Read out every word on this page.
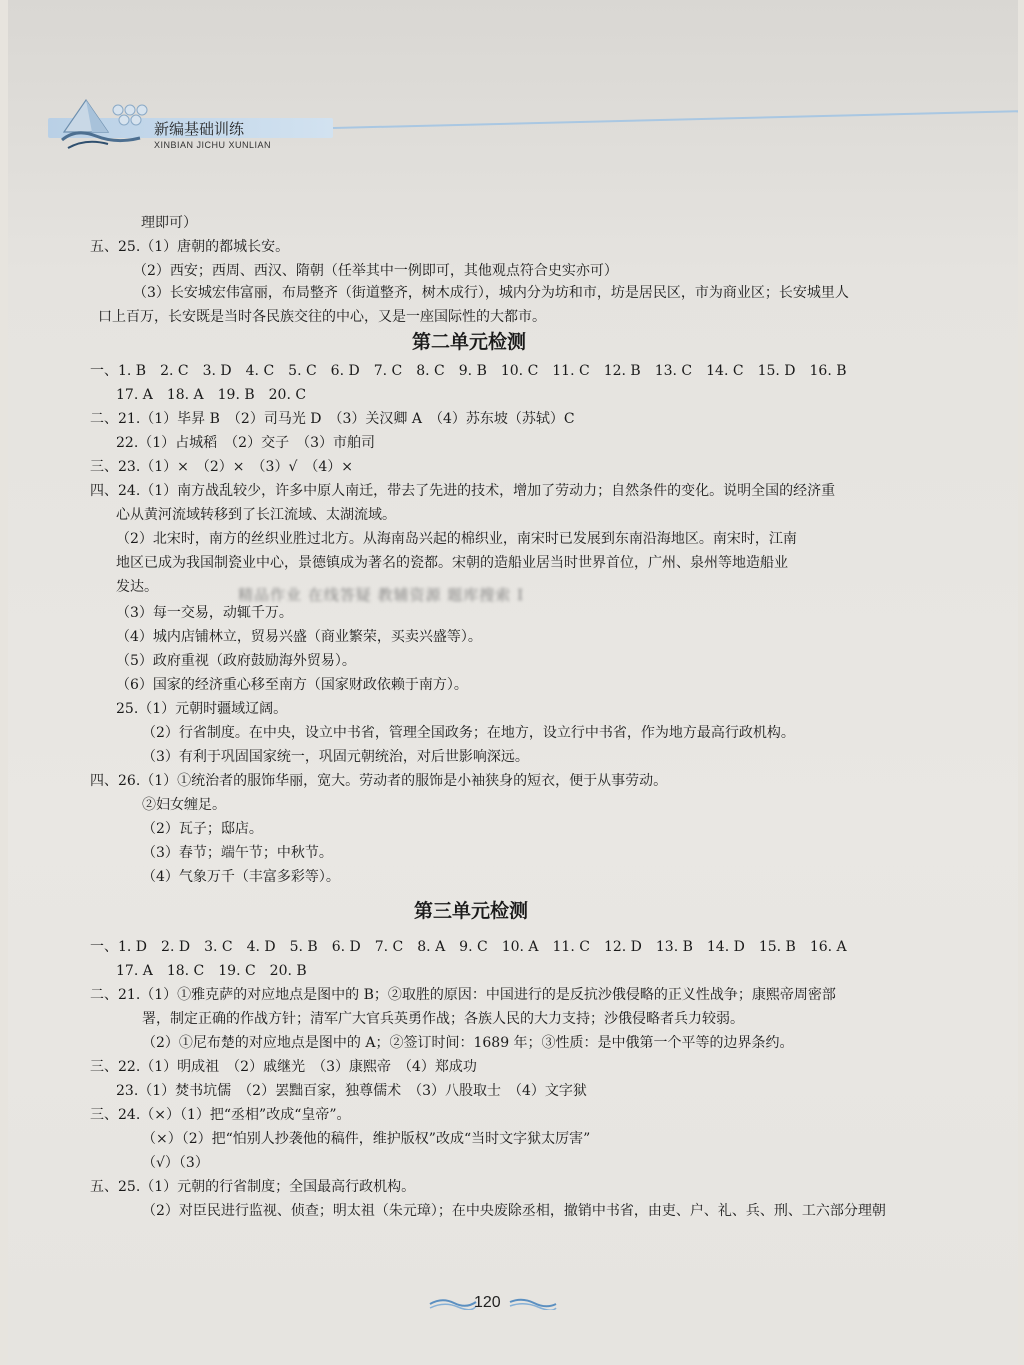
新编基础训练
XINBIAN JICHU XUNLIAN
理即可）
五、25.（1）唐朝的都城长安。
（2）西安；西周、西汉、隋朝（任举其中一例即可，其他观点符合史实亦可）
（3）长安城宏伟富丽，布局整齐（街道整齐，树木成行），城内分为坊和市，坊是居民区，市为商业区；长安城里人
口上百万，长安既是当时各民族交往的中心，又是一座国际性的大都市。
第二单元检测
一、1. B　2. C　3. D　4. C　5. C　6. D　7. C　8. C　9. B　10. C　11. C　12. B　13. C　14. C　15. D　16. B
17. A　18. A　19. B　20. C
二、21.（1）毕昇 B　（2）司马光 D　（3）关汉卿 A　（4）苏东坡（苏轼）C
22.（1）占城稻　（2）交子　（3）市舶司
三、23.（1）×　（2）×　（3）√　（4）×
四、24.（1）南方战乱较少，许多中原人南迁，带去了先进的技术，增加了劳动力；自然条件的变化。说明全国的经济重
心从黄河流域转移到了长江流域、太湖流域。
（2）北宋时，南方的丝织业胜过北方。从海南岛兴起的棉织业，南宋时已发展到东南沿海地区。南宋时，江南
地区已成为我国制瓷业中心，景德镇成为著名的瓷都。宋朝的造船业居当时世界首位，广州、泉州等地造船业
发达。	精品作业 在线答疑 教辅资源 题库搜索 I
（3）每一交易，动辄千万。
（4）城内店铺林立，贸易兴盛（商业繁荣，买卖兴盛等）。
（5）政府重视（政府鼓励海外贸易）。
（6）国家的经济重心移至南方（国家财政依赖于南方）。
25.（1）元朝时疆域辽阔。
（2）行省制度。在中央，设立中书省，管理全国政务；在地方，设立行中书省，作为地方最高行政机构。
（3）有利于巩固国家统一，巩固元朝统治，对后世影响深远。
四、26.（1）①统治者的服饰华丽，宽大。劳动者的服饰是小袖狭身的短衣，便于从事劳动。
②妇女缠足。
（2）瓦子；邸店。
（3）春节；端午节；中秋节。
（4）气象万千（丰富多彩等）。
第三单元检测
一、1. D　2. D　3. C　4. D　5. B　6. D　7. C　8. A　9. C　10. A　11. C　12. D　13. B　14. D　15. B　16. A
17. A　18. C　19. C　20. B
二、21.（1）①雅克萨的对应地点是图中的 B；②取胜的原因：中国进行的是反抗沙俄侵略的正义性战争；康熙帝周密部
署，制定正确的作战方针；清军广大官兵英勇作战；各族人民的大力支持；沙俄侵略者兵力较弱。
（2）①尼布楚的对应地点是图中的 A；②签订时间：1689 年；③性质：是中俄第一个平等的边界条约。
三、22.（1）明成祖　（2）戚继光　（3）康熙帝　（4）郑成功
23.（1）焚书坑儒　（2）罢黜百家，独尊儒术　（3）八股取士　（4）文字狱
三、24.（×）（1）把“丞相”改成“皇帝”。
（×）（2）把“怕别人抄袭他的稿件，维护版权”改成“当时文字狱太厉害”
（√）（3）
五、25.（1）元朝的行省制度；全国最高行政机构。
（2）对臣民进行监视、侦查；明太祖（朱元璋）；在中央废除丞相，撤销中书省，由吏、户、礼、兵、刑、工六部分理朝
120
